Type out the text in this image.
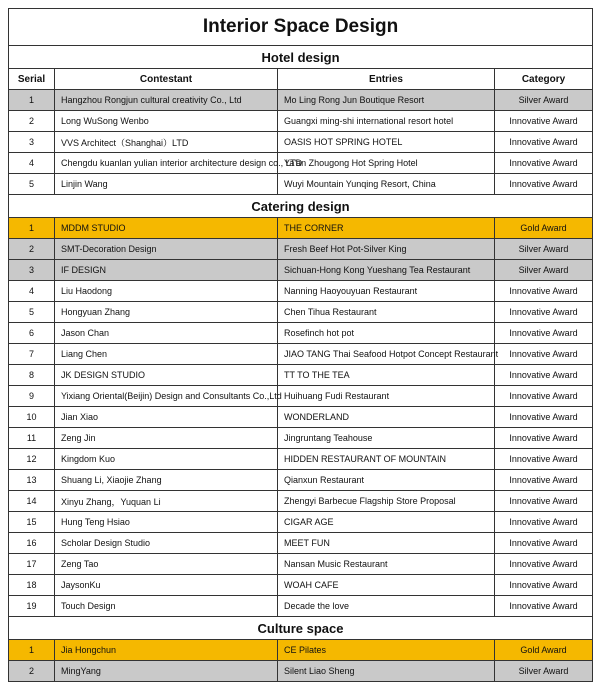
Interior Space Design			
Hotel design			
Serial	Contestant	Entries	Category
1	Hangzhou Rongjun cultural creativity Co., Ltd	Mo Ling Rong Jun Boutique Resort	Silver Award
2	Long WuSong Wenbo	Guangxi ming-shi international resort hotel	Innovative Award
3	VVS Architect（Shanghai）LTD	OASIS HOT SPRING HOTEL	Innovative Award
4	Chengdu kuanlan yulian interior architecture design co., LTD	Ya'an Zhougong Hot Spring Hotel	Innovative Award
5	Linjin Wang	Wuyi Mountain Yunqing Resort, China	Innovative Award
Catering design			
1	MDDM STUDIO	THE CORNER	Gold Award
2	SMT-Decoration Design	Fresh Beef Hot Pot-Silver King	Silver Award
3	IF DESIGN	Sichuan-Hong Kong Yueshang Tea Restaurant	Silver Award
4	Liu Haodong	Nanning Haoyouyuan Restaurant	Innovative Award
5	Hongyuan Zhang	Chen Tihua Restaurant	Innovative Award
6	Jason Chan	Rosefinch hot pot	Innovative Award
7	Liang Chen	JIAO TANG Thai Seafood Hotpot Concept Restaurant	Innovative Award
8	JK DESIGN STUDIO	TT TO THE TEA	Innovative Award
9	Yixiang Oriental(Beijin) Design and Consultants Co.,Ltd	Huihuang Fudi Restaurant	Innovative Award
10	Jian Xiao	WONDERLAND	Innovative Award
11	Zeng Jin	Jingruntang Teahouse	Innovative Award
12	Kingdom Kuo	HIDDEN RESTAURANT OF MOUNTAIN	Innovative Award
13	Shuang Li, Xiaojie Zhang	Qianxun Restaurant	Innovative Award
14	Xinyu Zhang，Yuquan Li	Zhengyi Barbecue Flagship Store Proposal	Innovative Award
15	Hung Teng Hsiao	CIGAR AGE	Innovative Award
16	Scholar Design Studio	MEET FUN	Innovative Award
17	Zeng Tao	Nansan Music Restaurant	Innovative Award
18	JaysonKu	WOAH CAFE	Innovative Award
19	Touch Design	Decade the love	Innovative Award
Culture space			
1	Jia Hongchun	CE Pilates	Gold Award
2	MingYang	Silent Liao Sheng	Silver Award
